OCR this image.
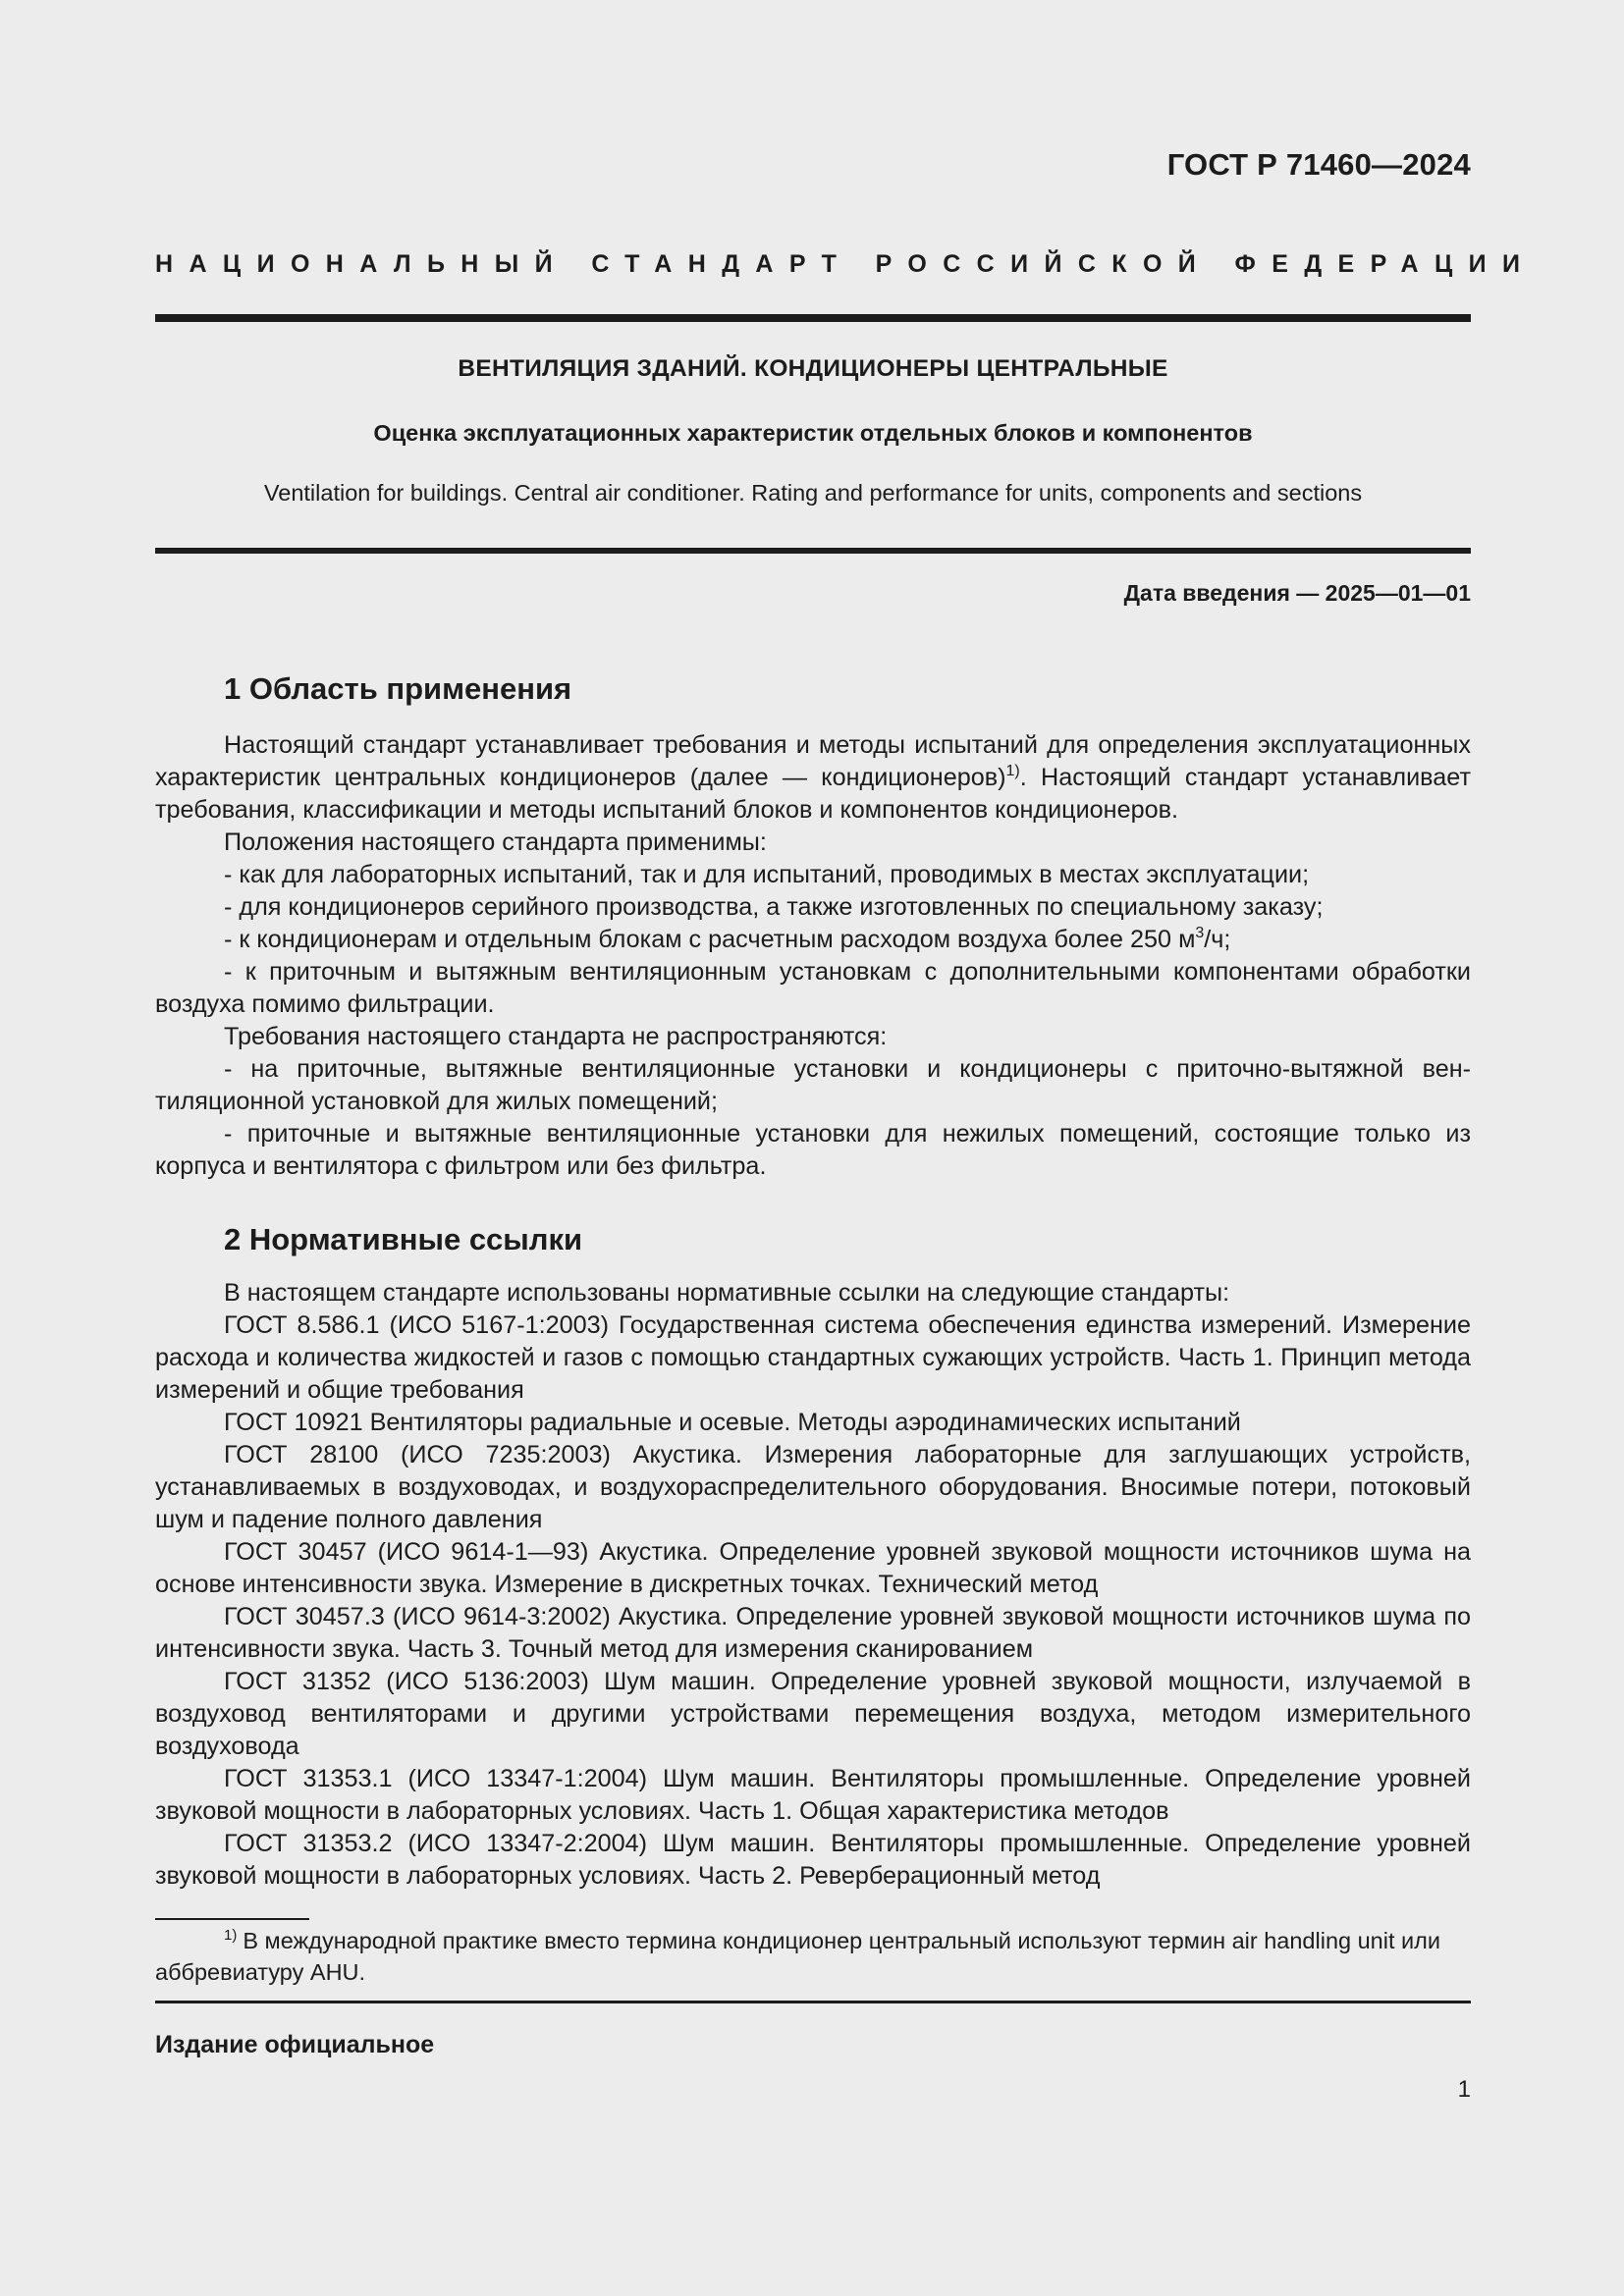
ГОСТ Р 71460—2024
НАЦИОНАЛЬНЫЙ СТАНДАРТ РОССИЙСКОЙ ФЕДЕРАЦИИ
ВЕНТИЛЯЦИЯ ЗДАНИЙ. КОНДИЦИОНЕРЫ ЦЕНТРАЛЬНЫЕ
Оценка эксплуатационных характеристик отдельных блоков и компонентов
Ventilation for buildings. Central air conditioner. Rating and performance for units, components and sections
Дата введения — 2025—01—01
1 Область применения

Настоящий стандарт устанавливает требования и методы испытаний для определения эксплуатационных характеристик центральных кондиционеров (далее — кондиционеров)$^{1)}$. Настоящий стандарт устанавливает требования, классификации и методы испытаний блоков и компонентов кондиционеров.

Положения настоящего стандарта применимы:

- как для лабораторных испытаний, так и для испытаний, проводимых в местах эксплуатации;

- для кондиционеров серийного производства, а также изготовленных по специальному заказу;

- к кондиционерам и отдельным блокам с расчетным расходом воздуха более 250 $м^3/ч$;

- к приточным и вытяжным вентиляционным установкам с дополнительными компонентами обработки воздуха помимо фильтрации.

Требования настоящего стандарта не распространяются:

- на приточные, вытяжные вентиляционные установки и кондиционеры с приточно-вытяжной вентиляционной установкой для жилых помещений;

- приточные и вытяжные вентиляционные установки для нежилых помещений, состоящие только из корпуса и вентилятора с фильтром или без фильтра.

2 Нормативные ссылки

В настоящем стандарте использованы нормативные ссылки на следующие стандарты:

ГОСТ 8.586.1 (ИСО 5167-1:2003) Государственная система обеспечения единства измерений. Измерение расхода и количества жидкостей и газов с помощью стандартных сужающих устройств. Часть 1. Принцип метода измерений и общие требования

ГОСТ 10921 Вентиляторы радиальные и осевые. Методы аэродинамических испытаний

ГОСТ 28100 (ИСО 7235:2003) Акустика. Измерения лабораторные для заглушающих устройств, устанавливаемых в воздуховодах, и воздухораспределительного оборудования. Вносимые потери, потоковый шум и падение полного давления

ГОСТ 30457 (ИСО 9614-1—93) Акустика. Определение уровней звуковой мощности источников шума на основе интенсивности звука. Измерение в дискретных точках. Технический метод

ГОСТ 30457.3 (ИСО 9614-3:2002) Акустика. Определение уровней звуковой мощности источников шума по интенсивности звука. Часть 3. Точный метод для измерения сканированием

ГОСТ 31352 (ИСО 5136:2003) Шум машин. Определение уровней звуковой мощности, излучаемой в воздуховод вентиляторами и другими устройствами перемещения воздуха, методом измерительного воздуховода

ГОСТ 31353.1 (ИСО 13347-1:2004) Шум машин. Вентиляторы промышленные. Определение уровней звуковой мощности в лабораторных условиях. Часть 1. Общая характеристика методов

ГОСТ 31353.2 (ИСО 13347-2:2004) Шум машин. Вентиляторы промышленные. Определение уровней звуковой мощности в лабораторных условиях. Часть 2. Реверберационный метод

$^{1)}$ В международной практике вместо термина кондиционер центральный используют термин air handling unit или аббревиатуру AHU.

Издание официальное
1
